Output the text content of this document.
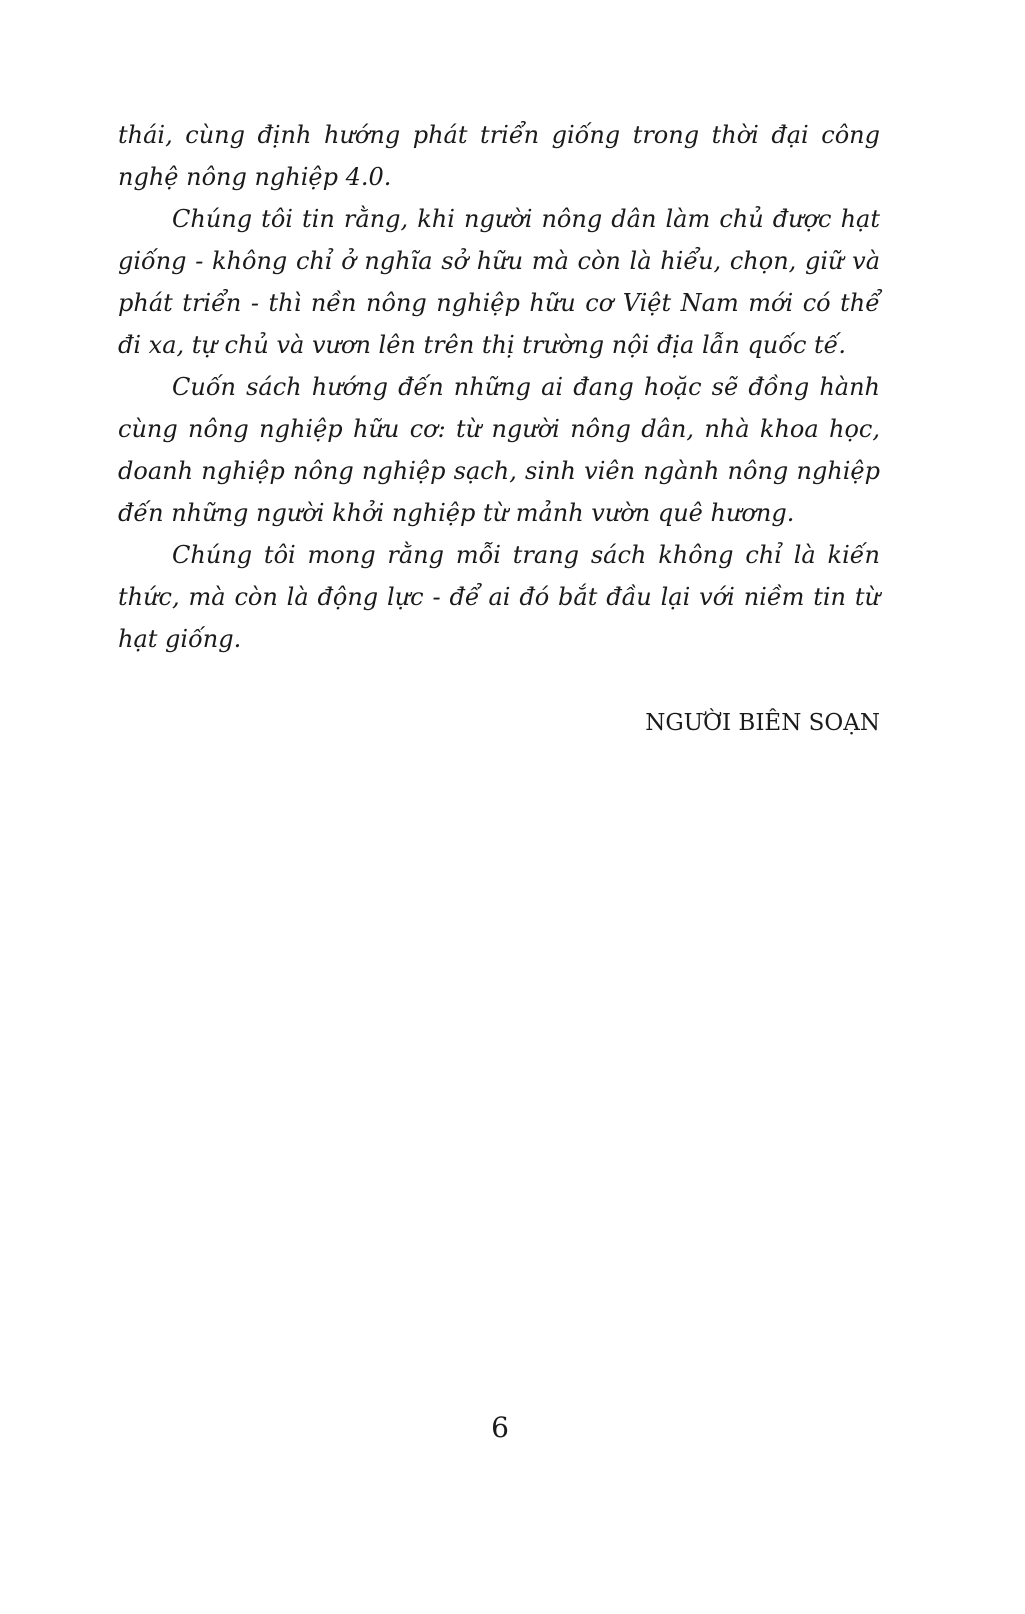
thái, cùng định hướng phát triển giống trong thời đại công nghệ nông nghiệp 4.0.

Chúng tôi tin rằng, khi người nông dân làm chủ được hạt giống - không chỉ ở nghĩa sở hữu mà còn là hiểu, chọn, giữ và phát triển - thì nền nông nghiệp hữu cơ Việt Nam mới có thể đi xa, tự chủ và vươn lên trên thị trường nội địa lẫn quốc tế.

Cuốn sách hướng đến những ai đang hoặc sẽ đồng hành cùng nông nghiệp hữu cơ: từ người nông dân, nhà khoa học, doanh nghiệp nông nghiệp sạch, sinh viên ngành nông nghiệp đến những người khởi nghiệp từ mảnh vườn quê hương.

Chúng tôi mong rằng mỗi trang sách không chỉ là kiến thức, mà còn là động lực - để ai đó bắt đầu lại với niềm tin từ hạt giống.

NGƯỜI BIÊN SOẠN
6
